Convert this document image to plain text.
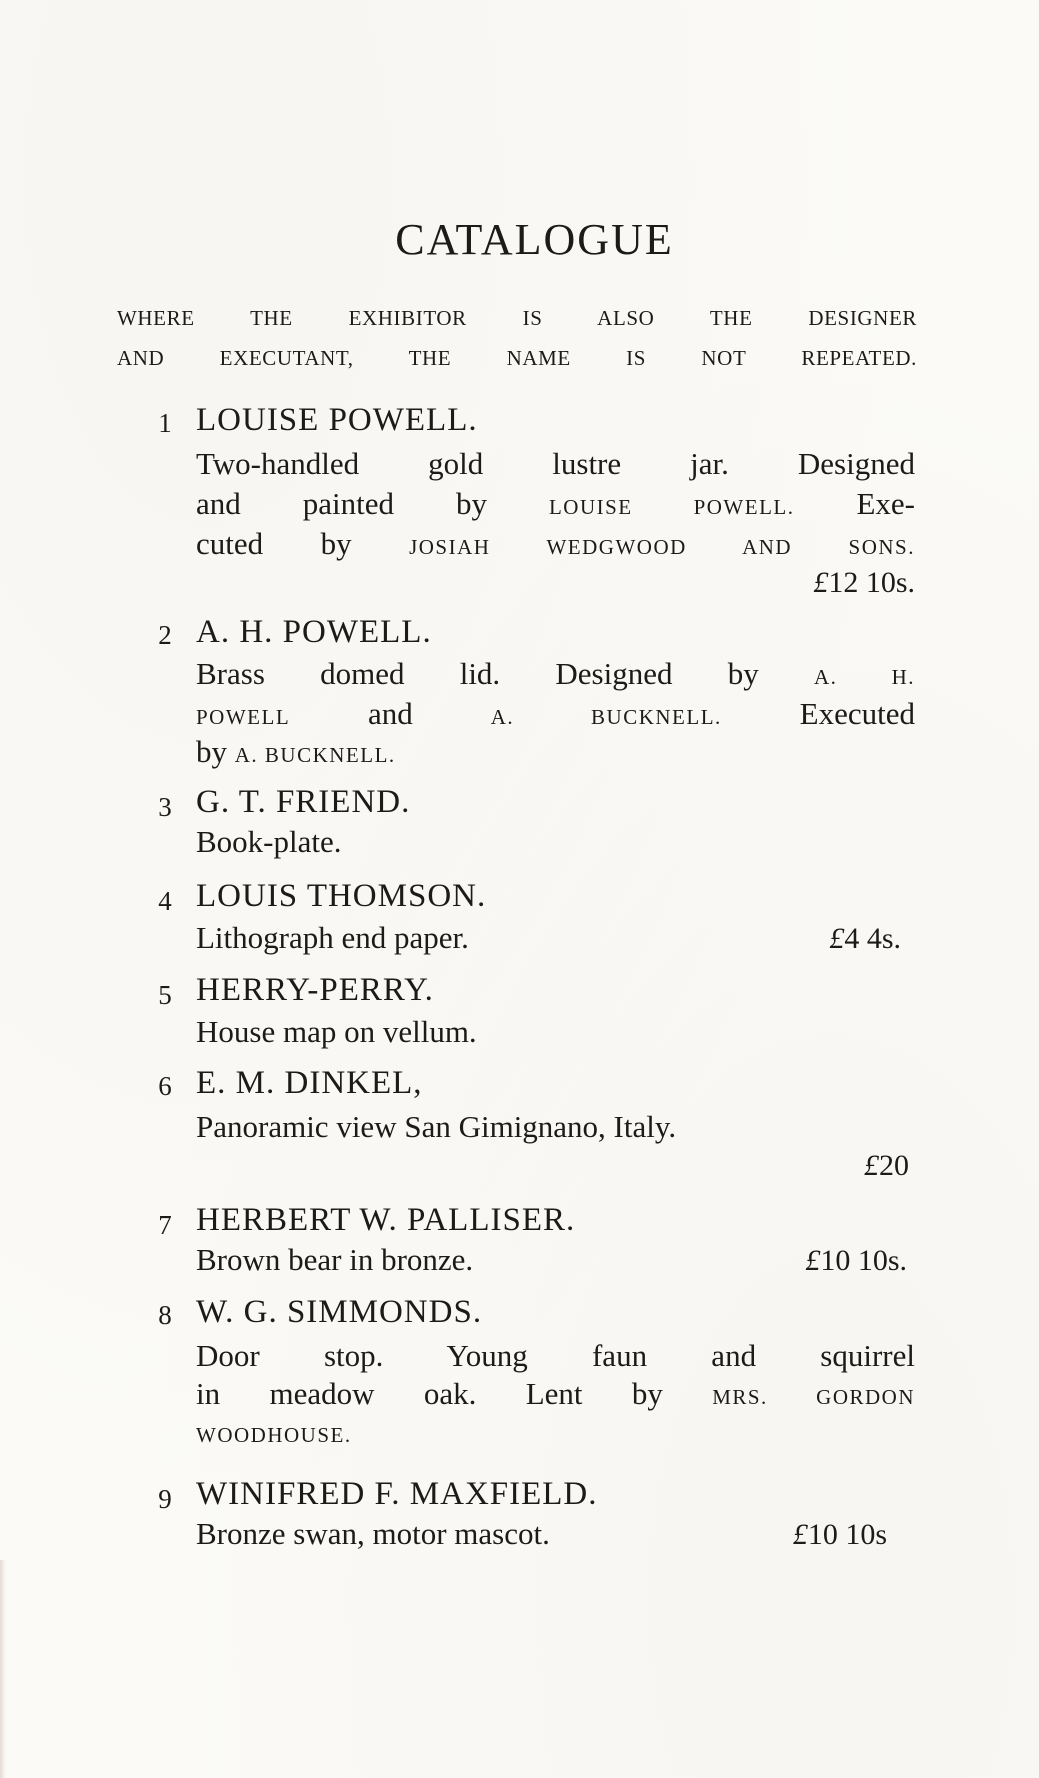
CATALOGUE
WHERE THE EXHIBITOR IS ALSO THE DESIGNER
AND EXECUTANT, THE NAME IS NOT REPEATED.
1 LOUISE POWELL.
Two-handled gold lustre jar. Designed
and painted by LOUISE POWELL. Exe-
cuted by JOSIAH WEDGWOOD AND SONS.
£12 10s.
2 A. H. POWELL.
Brass domed lid. Designed by A. H.
POWELL and A. BUCKNELL. Executed
by A. BUCKNELL.
3 G. T. FRIEND.
Book-plate.
4 LOUIS THOMSON.
Lithograph end paper.	£4 4s.
5 HERRY-PERRY.
House map on vellum.
6 E. M. DINKEL,
Panoramic view San Gimignano, Italy.
£20
7 HERBERT W. PALLISER.
Brown bear in bronze.	£10 10s.
8 W. G. SIMMONDS.
Door stop. Young faun and squirrel
in meadow oak. Lent by MRS. GORDON
WOODHOUSE.
9 WINIFRED F. MAXFIELD.
Bronze swan, motor mascot.	£10 10s
